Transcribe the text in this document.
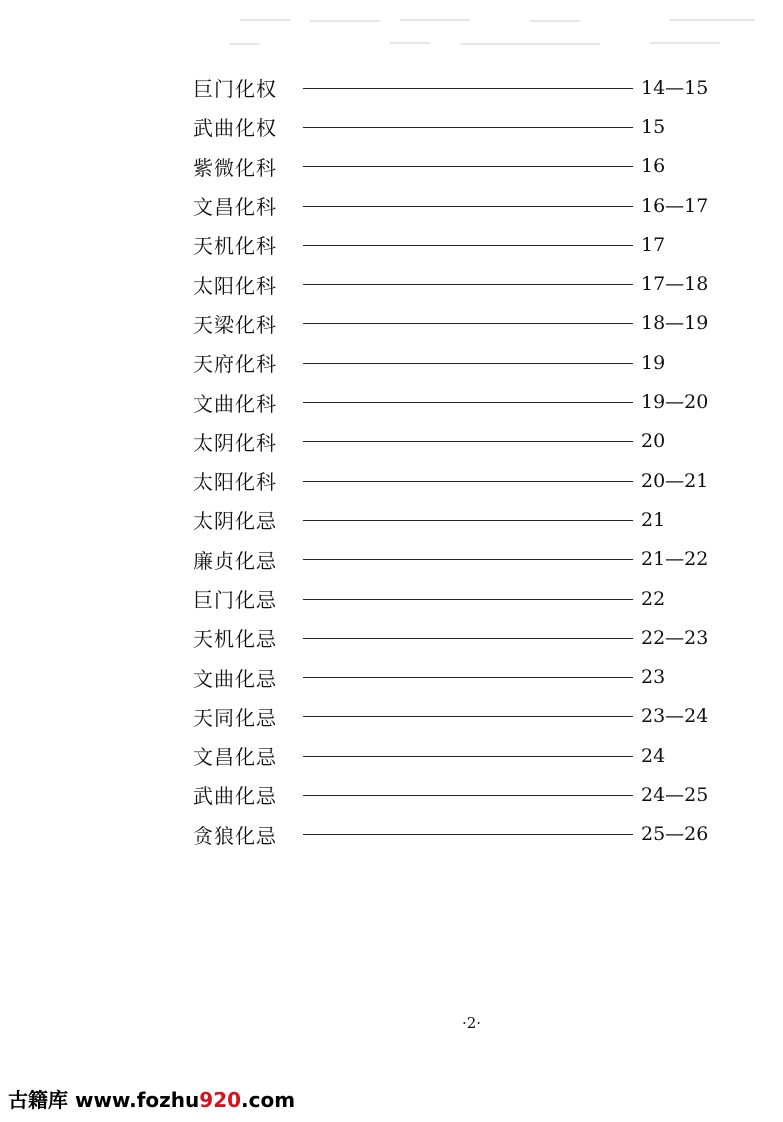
巨门化权	14—15
武曲化权	15
紫微化科	16
文昌化科	16—17
天机化科	17
太阳化科	17—18
天梁化科	18—19
天府化科	19
文曲化科	19—20
太阴化科	20
太阳化科	20—21
太阴化忌	21
廉贞化忌	21—22
巨门化忌	22
天机化忌	22—23
文曲化忌	23
天同化忌	23—24
文昌化忌	24
武曲化忌	24—25
贪狼化忌	25—26
·2·
古籍库 www.fozhu920.com
